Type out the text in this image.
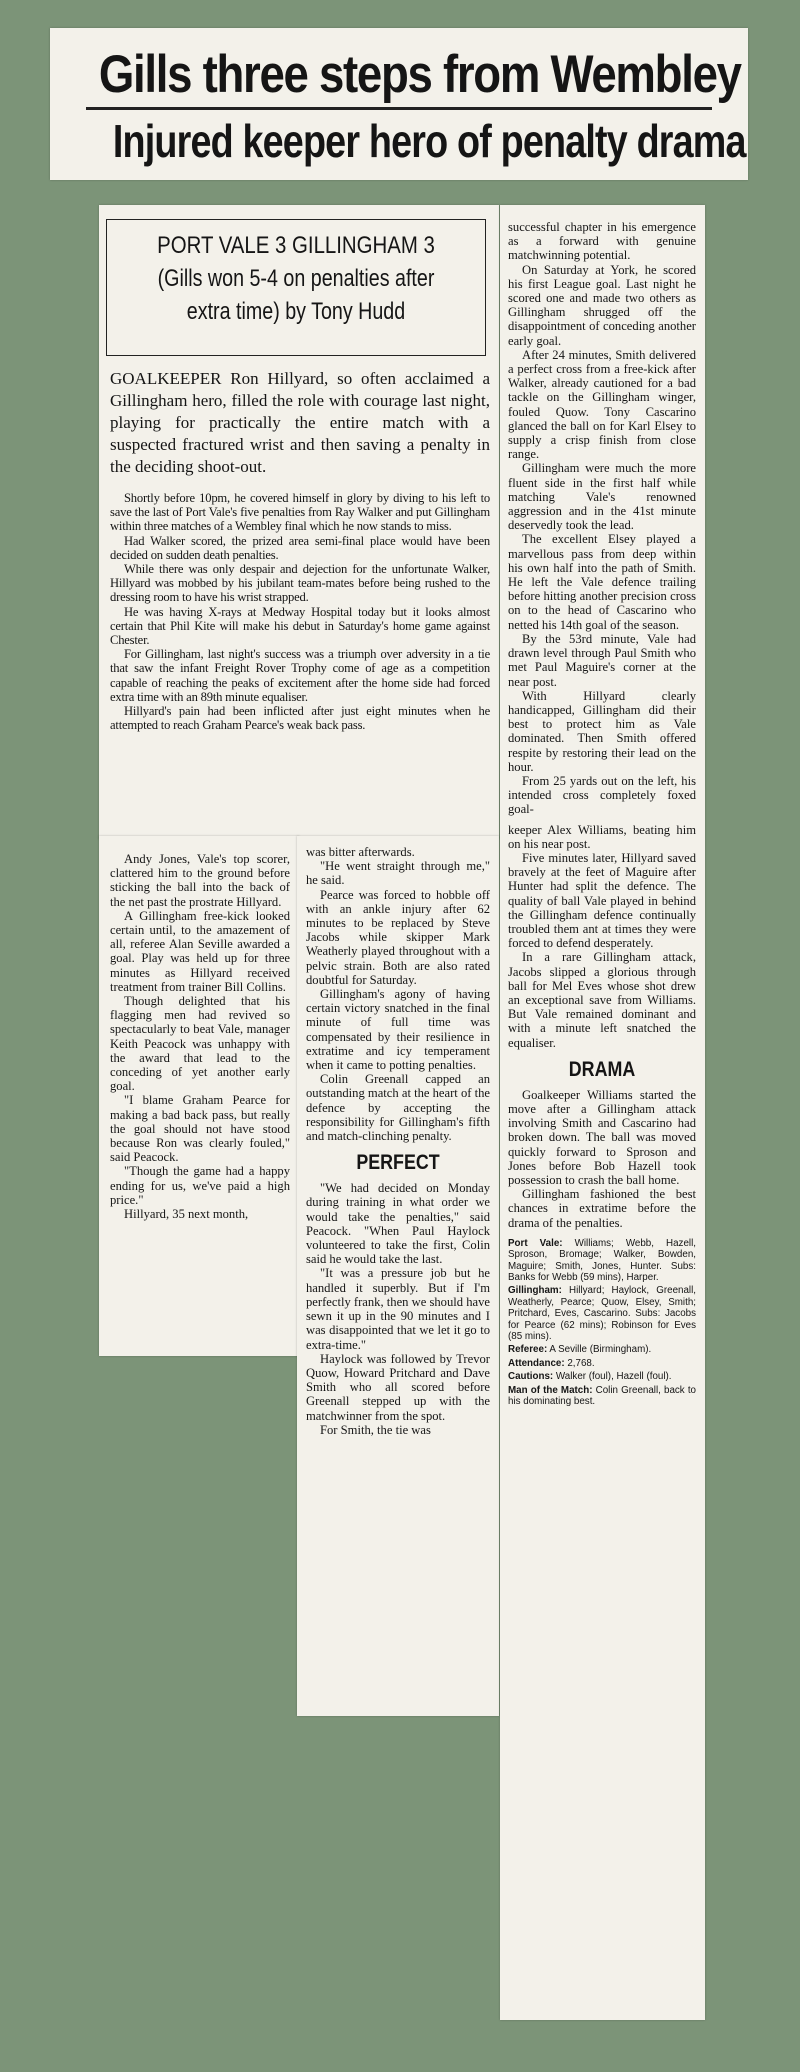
Gills three steps from Wembley
Injured keeper hero of penalty drama
PORT VALE 3 GILLINGHAM 3
(Gills won 5-4 on penalties after
extra time) by Tony Hudd

GOALKEEPER Ron Hillyard, so often acclaimed a Gillingham hero, filled the role with courage last night, playing for practically the entire match with a suspected fractured wrist and then saving a penalty in the deciding shoot-out.

Shortly before 10pm, he covered himself in glory by diving to his left to save the last of Port Vale's five penalties from Ray Walker and put Gillingham within three matches of a Wembley final which he now stands to miss.

Had Walker scored, the prized area semi-final place would have been decided on sudden death penalties.

While there was only despair and dejection for the unfortunate Walker, Hillyard was mobbed by his jubilant team-mates before being rushed to the dressing room to have his wrist strapped.

He was having X-rays at Medway Hospital today but it looks almost certain that Phil Kite will make his debut in Saturday's home game against Chester.

For Gillingham, last night's success was a triumph over adversity in a tie that saw the infant Freight Rover Trophy come of age as a competition capable of reaching the peaks of excitement after the home side had forced extra time with an 89th minute equaliser.

Hillyard's pain had been inflicted after just eight minutes when he attempted to reach Graham Pearce's weak back pass.

Andy Jones, Vale's top scorer, clattered him to the ground before sticking the ball into the back of the net past the prostrate Hillyard.

A Gillingham free-kick looked certain until, to the amazement of all, referee Alan Seville awarded a goal. Play was held up for three minutes as Hillyard received treatment from trainer Bill Collins.

Though delighted that his flagging men had revived so spectacularly to beat Vale, manager Keith Peacock was unhappy with the award that lead to the conceding of yet another early goal.

"I blame Graham Pearce for making a bad back pass, but really the goal should not have stood because Ron was clearly fouled," said Peacock.

"Though the game had a happy ending for us, we've paid a high price."

Hillyard, 35 next month,

was bitter afterwards.

"He went straight through me," he said.

Pearce was forced to hobble off with an ankle injury after 62 minutes to be replaced by Steve Jacobs while skipper Mark Weatherly played throughout with a pelvic strain. Both are also rated doubtful for Saturday.

Gillingham's agony of having certain victory snatched in the final minute of full time was compensated by their resilience in extratime and icy temperament when it came to potting penalties.

Colin Greenall capped an outstanding match at the heart of the defence by accepting the responsibility for Gillingham's fifth and match-clinching penalty.

PERFECT

"We had decided on Monday during training in what order we would take the penalties," said Peacock. "When Paul Haylock volunteered to take the first, Colin said he would take the last.

"It was a pressure job but he handled it superbly. But if I'm perfectly frank, then we should have sewn it up in the 90 minutes and I was disappointed that we let it go to extra-time."

Haylock was followed by Trevor Quow, Howard Pritchard and Dave Smith who all scored before Greenall stepped up with the matchwinner from the spot.

For Smith, the tie was

successful chapter in his emergence as a forward with genuine matchwinning potential.

On Saturday at York, he scored his first League goal. Last night he scored one and made two others as Gillingham shrugged off the disappointment of conceding another early goal.

After 24 minutes, Smith delivered a perfect cross from a free-kick after Walker, already cautioned for a bad tackle on the Gillingham winger, fouled Quow. Tony Cascarino glanced the ball on for Karl Elsey to supply a crisp finish from close range.

Gillingham were much the more fluent side in the first half while matching Vale's renowned aggression and in the 41st minute deservedly took the lead.

The excellent Elsey played a marvellous pass from deep within his own half into the path of Smith. He left the Vale defence trailing before hitting another precision cross on to the head of Cascarino who netted his 14th goal of the season.

By the 53rd minute, Vale had drawn level through Paul Smith who met Paul Maguire's corner at the near post.

With Hillyard clearly handicapped, Gillingham did their best to protect him as Vale dominated. Then Smith offered respite by restoring their lead on the hour.

From 25 yards out on the left, his intended cross completely foxed goal-

keeper Alex Williams, beating him on his near post.

Five minutes later, Hillyard saved bravely at the feet of Maguire after Hunter had split the defence. The quality of ball Vale played in behind the Gillingham defence continually troubled them ant at times they were forced to defend desperately.

In a rare Gillingham attack, Jacobs slipped a glorious through ball for Mel Eves whose shot drew an exceptional save from Williams. But Vale remained dominant and with a minute left snatched the equaliser.

DRAMA

Goalkeeper Williams started the move after a Gillingham attack involving Smith and Cascarino had broken down. The ball was moved quickly forward to Sproson and Jones before Bob Hazell took possession to crash the ball home.

Gillingham fashioned the best chances in extratime before the drama of the penalties.

Port Vale: Williams; Webb, Hazell, Sproson, Bromage; Walker, Bowden, Maguire; Smith, Jones, Hunter. Subs: Banks for Webb (59 mins), Harper.

Gillingham: Hillyard; Haylock, Greenall, Weatherly, Pearce; Quow, Elsey, Smith; Pritchard, Eves, Cascarino. Subs: Jacobs for Pearce (62 mins); Robinson for Eves (85 mins).

Referee: A Seville (Birmingham).

Attendance: 2,768.

Cautions: Walker (foul), Hazell (foul).

Man of the Match: Colin Greenall, back to his dominating best.
